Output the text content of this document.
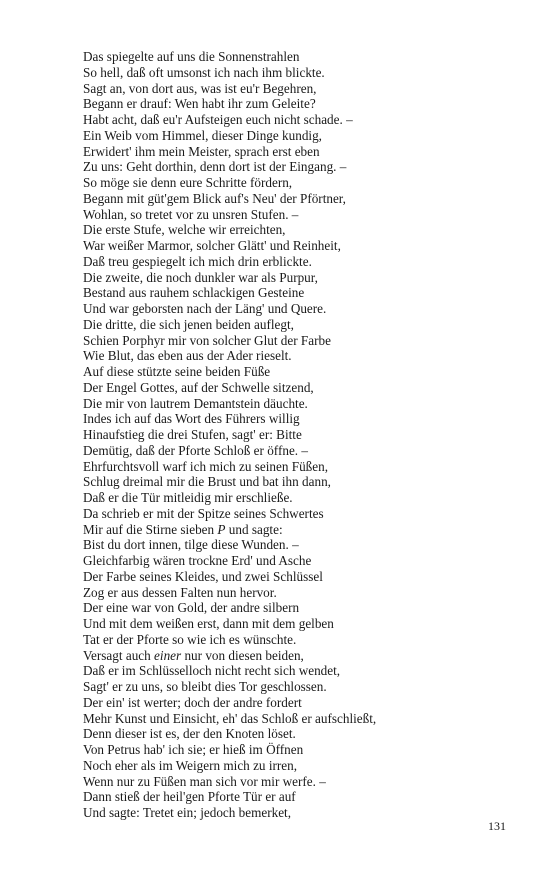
Das spiegelte auf uns die Sonnenstrahlen
So hell, daß oft umsonst ich nach ihm blickte.
Sagt an, von dort aus, was ist eu'r Begehren,
Begann er drauf: Wen habt ihr zum Geleite?
Habt acht, daß eu'r Aufsteigen euch nicht schade. –
Ein Weib vom Himmel, dieser Dinge kundig,
Erwidert' ihm mein Meister, sprach erst eben
Zu uns: Geht dorthin, denn dort ist der Eingang. –
So möge sie denn eure Schritte fördern,
Begann mit güt'gem Blick auf's Neu' der Pförtner,
Wohlan, so tretet vor zu unsren Stufen. –
Die erste Stufe, welche wir erreichten,
War weißer Marmor, solcher Glätt' und Reinheit,
Daß treu gespiegelt ich mich drin erblickte.
Die zweite, die noch dunkler war als Purpur,
Bestand aus rauhem schlackigen Gesteine
Und war geborsten nach der Läng' und Quere.
Die dritte, die sich jenen beiden auflegt,
Schien Porphyr mir von solcher Glut der Farbe
Wie Blut, das eben aus der Ader rieselt.
Auf diese stützte seine beiden Füße
Der Engel Gottes, auf der Schwelle sitzend,
Die mir von lautrem Demantstein däuchte.
Indes ich auf das Wort des Führers willig
Hinaufstieg die drei Stufen, sagt' er: Bitte
Demütig, daß der Pforte Schloß er öffne. –
Ehrfurchtsvoll warf ich mich zu seinen Füßen,
Schlug dreimal mir die Brust und bat ihn dann,
Daß er die Tür mitleidig mir erschließe.
Da schrieb er mit der Spitze seines Schwertes
Mir auf die Stirne sieben P und sagte:
Bist du dort innen, tilge diese Wunden. –
Gleichfarbig wären trockne Erd' und Asche
Der Farbe seines Kleides, und zwei Schlüssel
Zog er aus dessen Falten nun hervor.
Der eine war von Gold, der andre silbern
Und mit dem weißen erst, dann mit dem gelben
Tat er der Pforte so wie ich es wünschte.
Versagt auch einer nur von diesen beiden,
Daß er im Schlüsselloch nicht recht sich wendet,
Sagt' er zu uns, so bleibt dies Tor geschlossen.
Der ein' ist werter; doch der andre fordert
Mehr Kunst und Einsicht, eh' das Schloß er aufschließt,
Denn dieser ist es, der den Knoten löset.
Von Petrus hab' ich sie; er hieß im Öffnen
Noch eher als im Weigern mich zu irren,
Wenn nur zu Füßen man sich vor mir werfe. –
Dann stieß der heil'gen Pforte Tür er auf
Und sagte: Tretet ein; jedoch bemerket,
131
